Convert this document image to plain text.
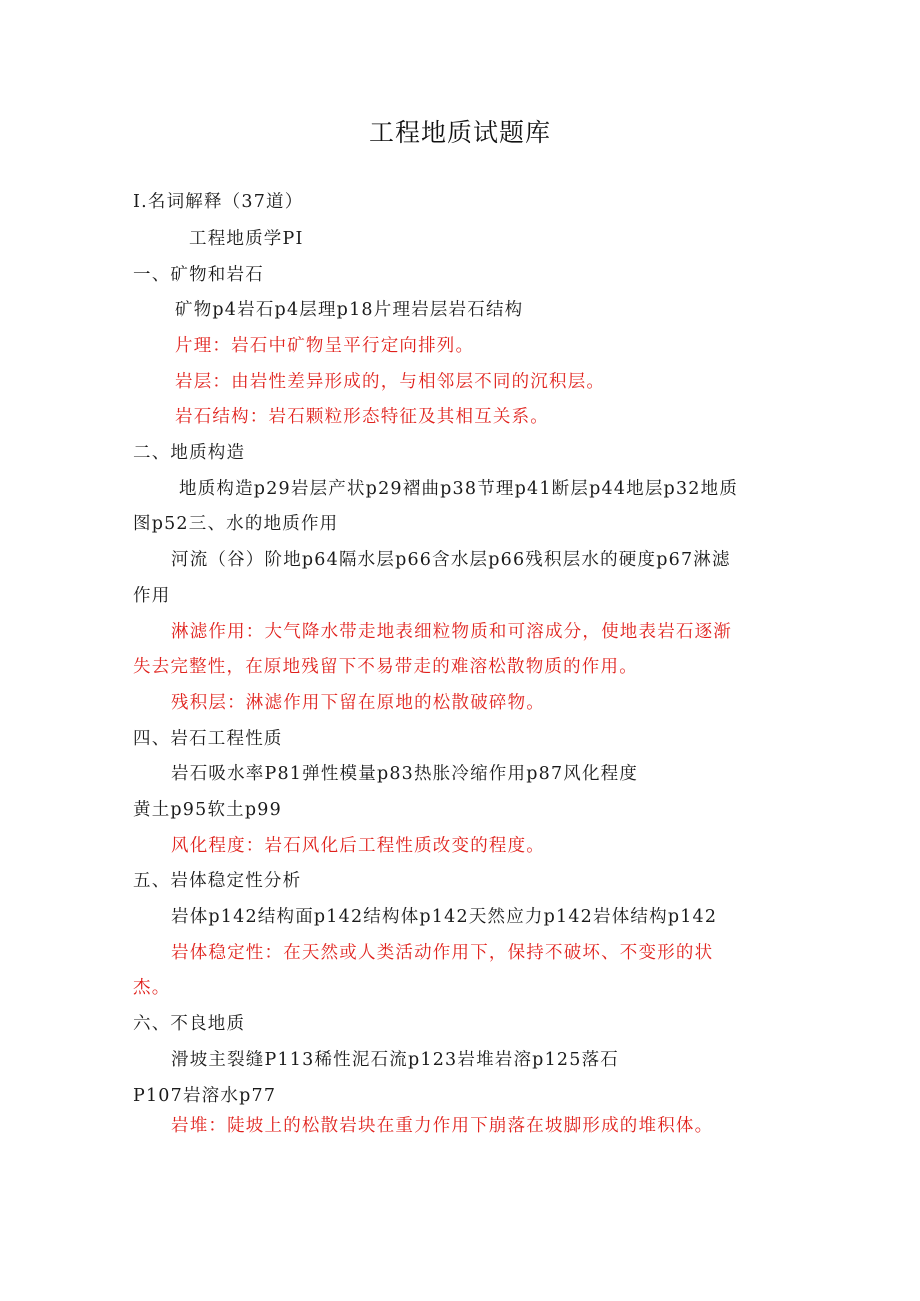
工程地质试题库
I.名词解释（37道）
工程地质学PI
一、矿物和岩石
矿物p4岩石p4层理p18片理岩层岩石结构
片理：岩石中矿物呈平行定向排列。
岩层：由岩性差异形成的，与相邻层不同的沉积层。
岩石结构：岩石颗粒形态特征及其相互关系。
二、地质构造
地质构造p29岩层产状p29褶曲p38节理p41断层p44地层p32地质
图p52三、水的地质作用
河流（谷）阶地p64隔水层p66含水层p66残积层水的硬度p67淋滤
作用
淋滤作用：大气降水带走地表细粒物质和可溶成分，使地表岩石逐渐
失去完整性，在原地残留下不易带走的难溶松散物质的作用。
残积层：淋滤作用下留在原地的松散破碎物。
四、岩石工程性质
岩石吸水率P81弹性模量p83热胀冷缩作用p87风化程度
黄土p95软土p99
风化程度：岩石风化后工程性质改变的程度。
五、岩体稳定性分析
岩体p142结构面p142结构体p142天然应力p142岩体结构p142
岩体稳定性：在天然或人类活动作用下，保持不破坏、不变形的状
杰。
六、不良地质
滑坡主裂缝P113稀性泥石流p123岩堆岩溶p125落石
P107岩溶水p77
岩堆：陡坡上的松散岩块在重力作用下崩落在坡脚形成的堆积体。
